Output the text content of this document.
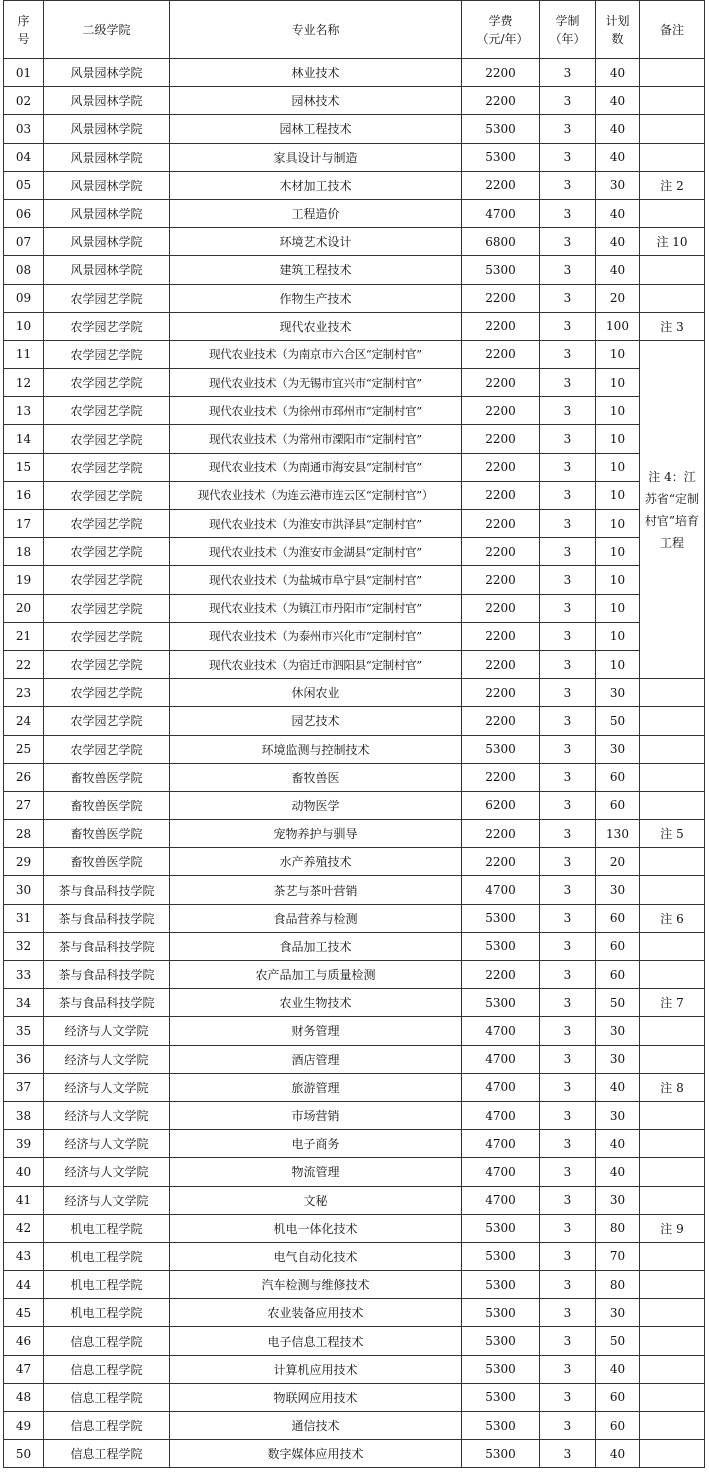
序号	二级学院	专业名称	学费（元/年）	学制（年）	计划数	备注
01	风景园林学院	林业技术	2200	3	40	
02	风景园林学院	园林技术	2200	3	40	
03	风景园林学院	园林工程技术	5300	3	40	
04	风景园林学院	家具设计与制造	5300	3	40	
05	风景园林学院	木材加工技术	2200	3	30	注 2
06	风景园林学院	工程造价	4700	3	40	
07	风景园林学院	环境艺术设计	6800	3	40	注 10
08	风景园林学院	建筑工程技术	5300	3	40	
09	农学园艺学院	作物生产技术	2200	3	20	
10	农学园艺学院	现代农业技术	2200	3	100	注 3
11	农学园艺学院	现代农业技术（为南京市六合区“定制村官”	2200	3	10	注 4：江苏省“定制村官”培育工程
12	农学园艺学院	现代农业技术（为无锡市宜兴市“定制村官”	2200	3	10	
13	农学园艺学院	现代农业技术（为徐州市邳州市“定制村官”	2200	3	10	
14	农学园艺学院	现代农业技术（为常州市溧阳市“定制村官”	2200	3	10	
15	农学园艺学院	现代农业技术（为南通市海安县“定制村官”	2200	3	10	
16	农学园艺学院	现代农业技术（为连云港市连云区“定制村官”）	2200	3	10	
17	农学园艺学院	现代农业技术（为淮安市洪泽县“定制村官”	2200	3	10	
18	农学园艺学院	现代农业技术（为淮安市金湖县“定制村官”	2200	3	10	
19	农学园艺学院	现代农业技术（为盐城市阜宁县“定制村官”	2200	3	10	
20	农学园艺学院	现代农业技术（为镇江市丹阳市“定制村官”	2200	3	10	
21	农学园艺学院	现代农业技术（为泰州市兴化市“定制村官”	2200	3	10	
22	农学园艺学院	现代农业技术（为宿迁市泗阳县“定制村官”	2200	3	10	
23	农学园艺学院	休闲农业	2200	3	30	
24	农学园艺学院	园艺技术	2200	3	50	
25	农学园艺学院	环境监测与控制技术	5300	3	30	
26	畜牧兽医学院	畜牧兽医	2200	3	60	
27	畜牧兽医学院	动物医学	6200	3	60	
28	畜牧兽医学院	宠物养护与驯导	2200	3	130	注 5
29	畜牧兽医学院	水产养殖技术	2200	3	20	
30	茶与食品科技学院	茶艺与茶叶营销	4700	3	30	
31	茶与食品科技学院	食品营养与检测	5300	3	60	注 6
32	茶与食品科技学院	食品加工技术	5300	3	60	
33	茶与食品科技学院	农产品加工与质量检测	2200	3	60	
34	茶与食品科技学院	农业生物技术	5300	3	50	注 7
35	经济与人文学院	财务管理	4700	3	30	
36	经济与人文学院	酒店管理	4700	3	30	
37	经济与人文学院	旅游管理	4700	3	40	注 8
38	经济与人文学院	市场营销	4700	3	30	
39	经济与人文学院	电子商务	4700	3	40	
40	经济与人文学院	物流管理	4700	3	40	
41	经济与人文学院	文秘	4700	3	30	
42	机电工程学院	机电一体化技术	5300	3	80	注 9
43	机电工程学院	电气自动化技术	5300	3	70	
44	机电工程学院	汽车检测与维修技术	5300	3	80	
45	机电工程学院	农业装备应用技术	5300	3	30	
46	信息工程学院	电子信息工程技术	5300	3	50	
47	信息工程学院	计算机应用技术	5300	3	40	
48	信息工程学院	物联网应用技术	5300	3	60	
49	信息工程学院	通信技术	5300	3	60	
50	信息工程学院	数字媒体应用技术	5300	3	40	
